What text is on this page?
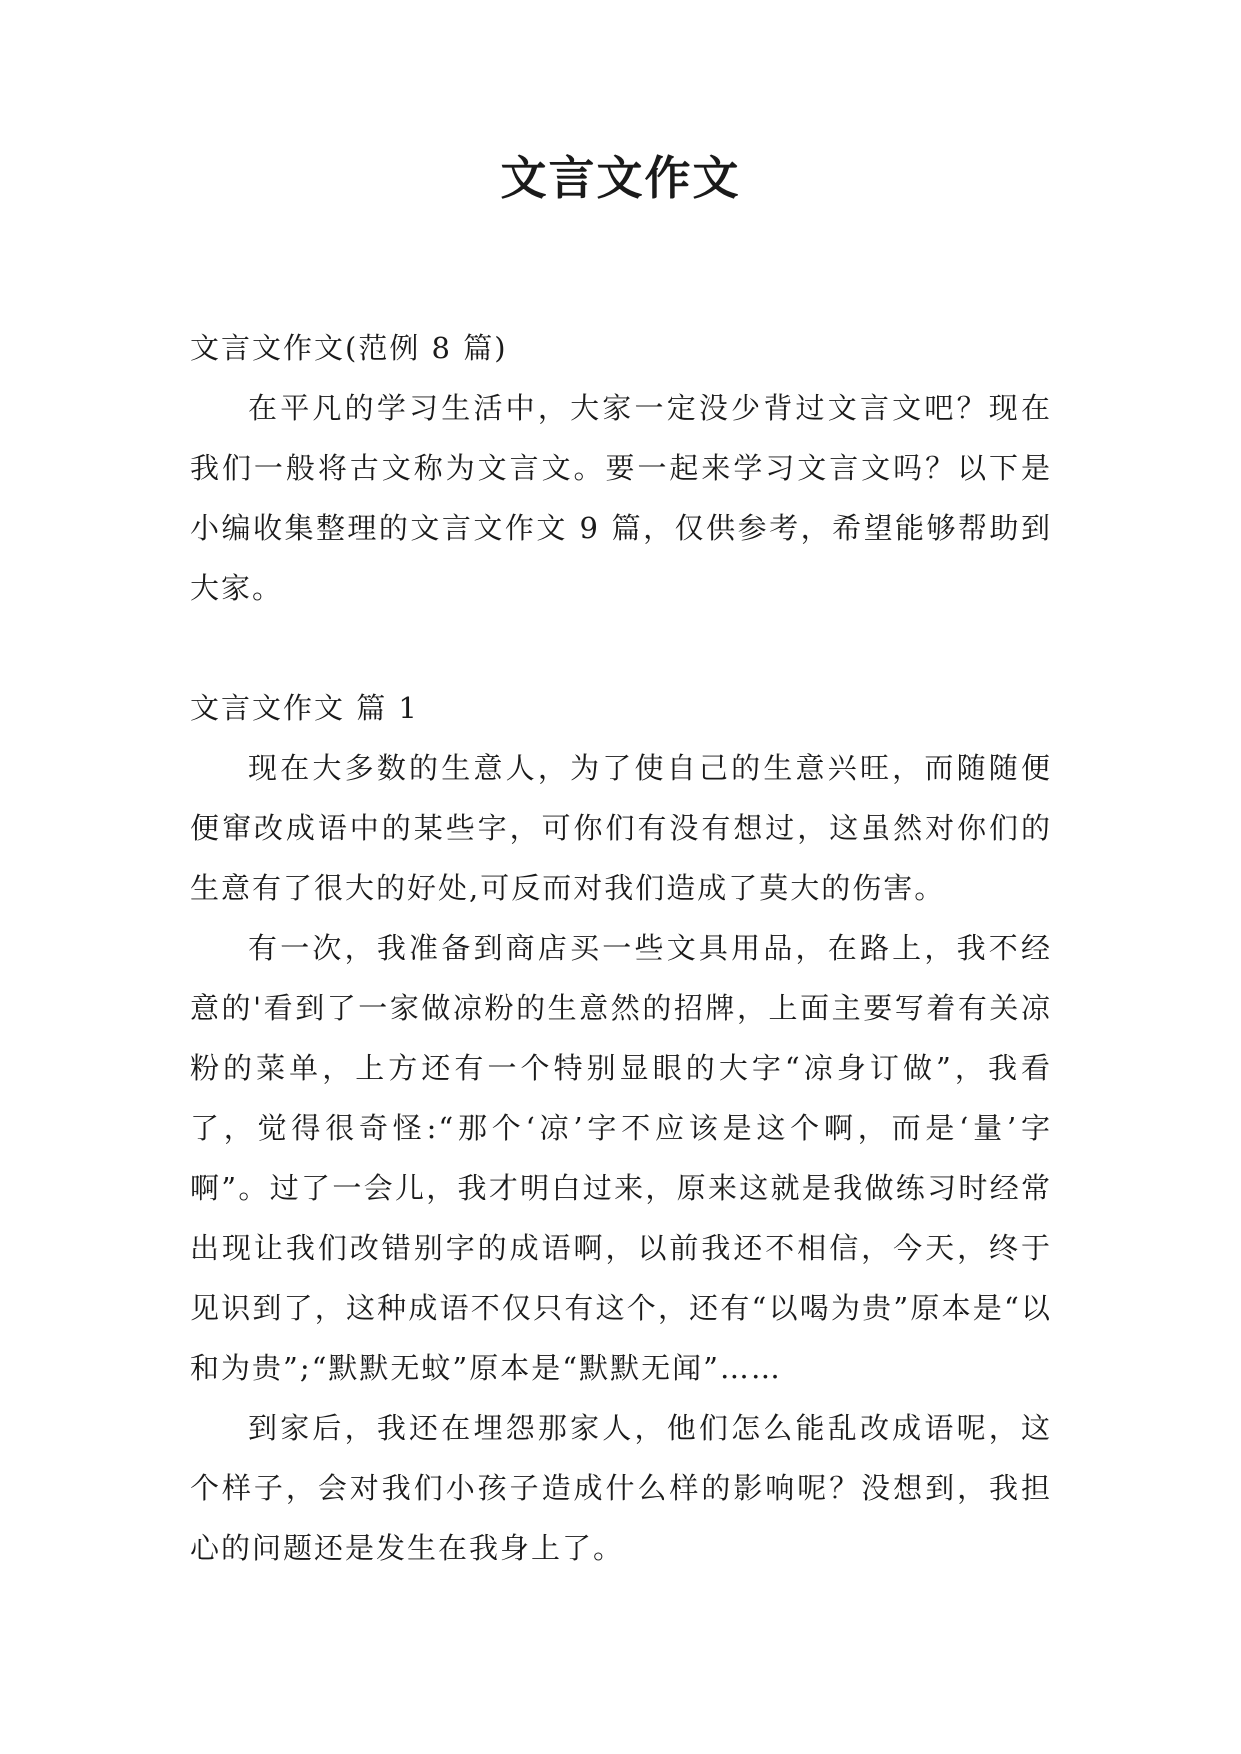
文言文作文

文言文作文(范例 8 篇)

在平凡的学习生活中，大家一定没少背过文言文吧？现在我们一般将古文称为文言文。要一起来学习文言文吗？以下是小编收集整理的文言文作文 9 篇，仅供参考，希望能够帮助到大家。

文言文作文 篇 1

现在大多数的生意人，为了使自己的生意兴旺，而随随便便窜改成语中的某些字，可你们有没有想过，这虽然对你们的生意有了很大的好处,可反而对我们造成了莫大的伤害。

有一次，我准备到商店买一些文具用品，在路上，我不经意的'看到了一家做凉粉的生意然的招牌，上面主要写着有关凉粉的菜单，上方还有一个特别显眼的大字“凉身订做”，我看了，觉得很奇怪:“那个‘凉’字不应该是这个啊，而是‘量’字啊”。过了一会儿，我才明白过来，原来这就是我做练习时经常出现让我们改错别字的成语啊，以前我还不相信，今天，终于见识到了，这种成语不仅只有这个，还有“以喝为贵”原本是“以和为贵”;“默默无蚊”原本是“默默无闻”……

到家后，我还在埋怨那家人，他们怎么能乱改成语呢，这个样子，会对我们小孩子造成什么样的影响呢？没想到，我担心的问题还是发生在我身上了。
